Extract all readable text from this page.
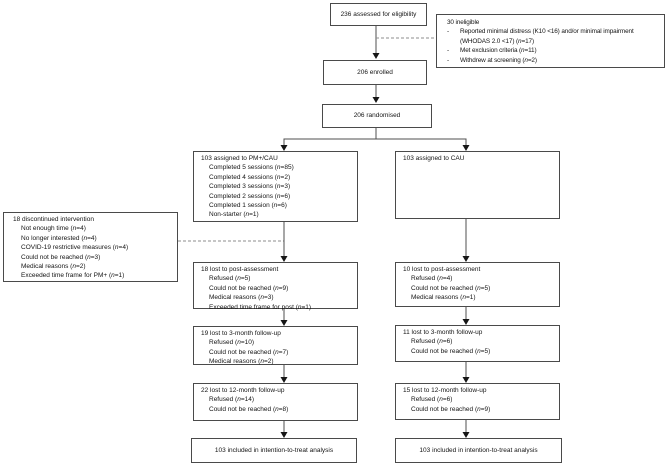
236 assessed for eligibility
30 ineligible
- Reported minimal distress (K10 <16) and/or minimal impairment
(WHODAS 2.0 <17) (n=17)
- Met exclusion criteria (n=11)
- Withdrew at screening (n=2)
206 enrolled
206 randomised
103 assigned to PM+/CAU
Completed 5 sessions (n=85)
Completed 4 sessions (n=2)
Completed 3 sessions (n=3)
Completed 2 sessions (n=6)
Completed 1 session (n=6)
Non-starter (n=1)
103 assigned to CAU
18 discontinued intervention
Not enough time (n=4)
No longer interested (n=4)
COVID-19 restrictive measures (n=4)
Could not be reached (n=3)
Medical reasons (n=2)
Exceeded time frame for PM+ (n=1)
18 lost to post-assessment
Refused (n=5)
Could not be reached (n=9)
Medical reasons (n=3)
Exceeded time frame for post (n=1)
10 lost to post-assessment
Refused (n=4)
Could not be reached (n=5)
Medical reasons (n=1)
19 lost to 3-month follow-up
Refused (n=10)
Could not be reached (n=7)
Medical reasons (n=2)
11 lost to 3-month follow-up
Refused (n=6)
Could not be reached (n=5)
22 lost to 12-month follow-up
Refused (n=14)
Could not be reached (n=8)
15 lost to 12-month follow-up
Refused (n=6)
Could not be reached (n=9)
103 included in intention-to-treat analysis	103 included in intention-to-treat analysis
